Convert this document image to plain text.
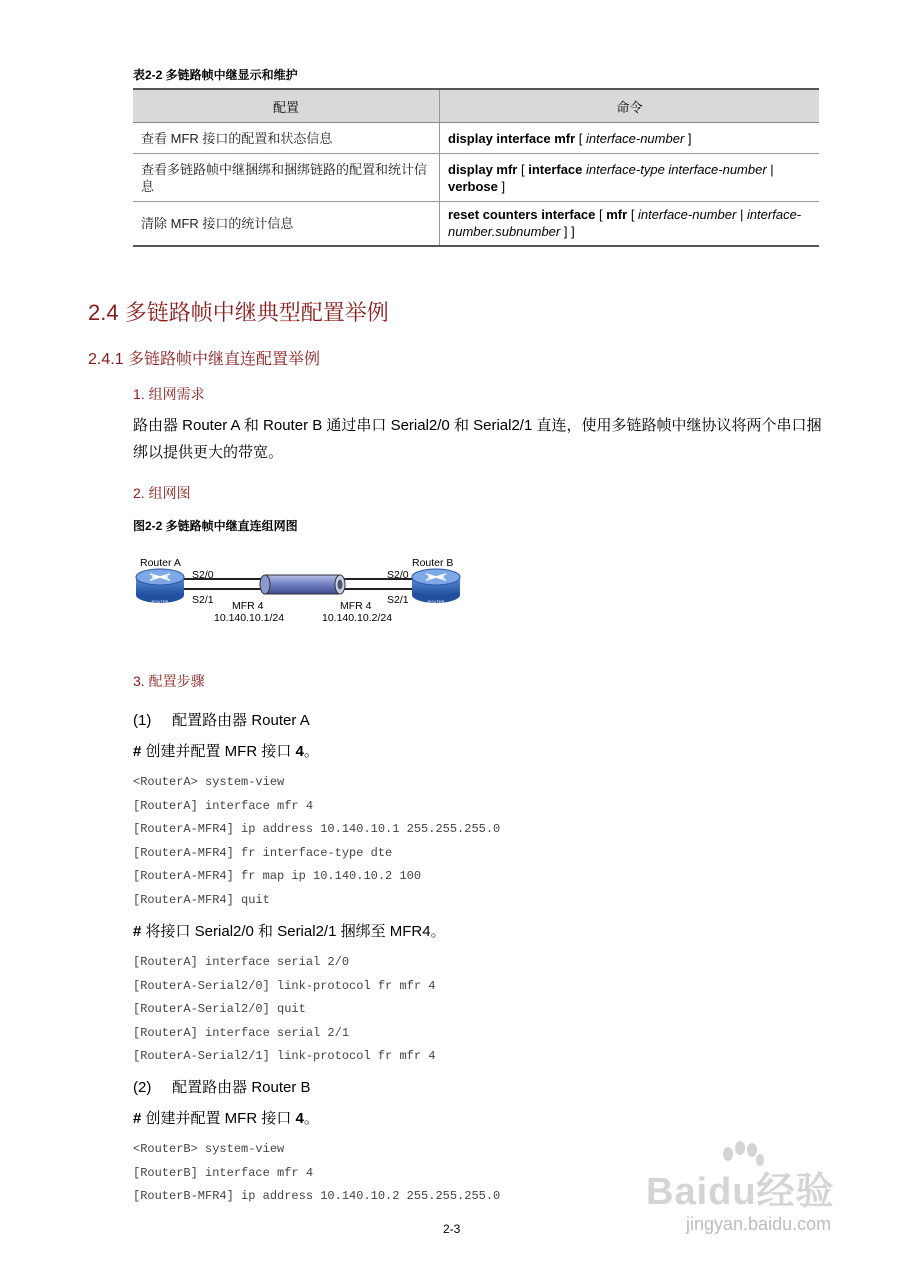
表2-2 多链路帧中继显示和维护
配置	命令
查看 MFR 接口的配置和状态信息	display interface mfr [ interface-number ]
查看多链路帧中继捆绑和捆绑链路的配置和统计信息	display mfr [ interface interface-type interface-number | verbose ]
清除 MFR 接口的统计信息	reset counters interface [ mfr [ interface-number | interface-number.subnumber ] ]
2.4 多链路帧中继典型配置举例
2.4.1 多链路帧中继直连配置举例
1. 组网需求
路由器 Router A 和 Router B 通过串口 Serial2/0 和 Serial2/1 直连，使用多链路帧中继协议将两个串口捆绑以提供更大的带宽。
2. 组网图
图2-2 多链路帧中继直连组网图
ROUTER	ROUTER
Router A	Router B
S2/0
S2/1
S2/0
S2/1
MFR 4
10.140.10.1/24
MFR 4
10.140.10.2/24
3. 配置步骤
(1)     配置路由器 Router A
# 创建并配置 MFR 接口 4。
<RouterA> system-view
[RouterA] interface mfr 4
[RouterA-MFR4] ip address 10.140.10.1 255.255.255.0
[RouterA-MFR4] fr interface-type dte
[RouterA-MFR4] fr map ip 10.140.10.2 100
[RouterA-MFR4] quit
# 将接口 Serial2/0 和 Serial2/1 捆绑至 MFR4。
[RouterA] interface serial 2/0
[RouterA-Serial2/0] link-protocol fr mfr 4
[RouterA-Serial2/0] quit
[RouterA] interface serial 2/1
[RouterA-Serial2/1] link-protocol fr mfr 4
(2)     配置路由器 Router B
# 创建并配置 MFR 接口 4。
<RouterB> system-view
[RouterB] interface mfr 4
[RouterB-MFR4] ip address 10.140.10.2 255.255.255.0
2-3
Baidu经验
jingyan.baidu.com
